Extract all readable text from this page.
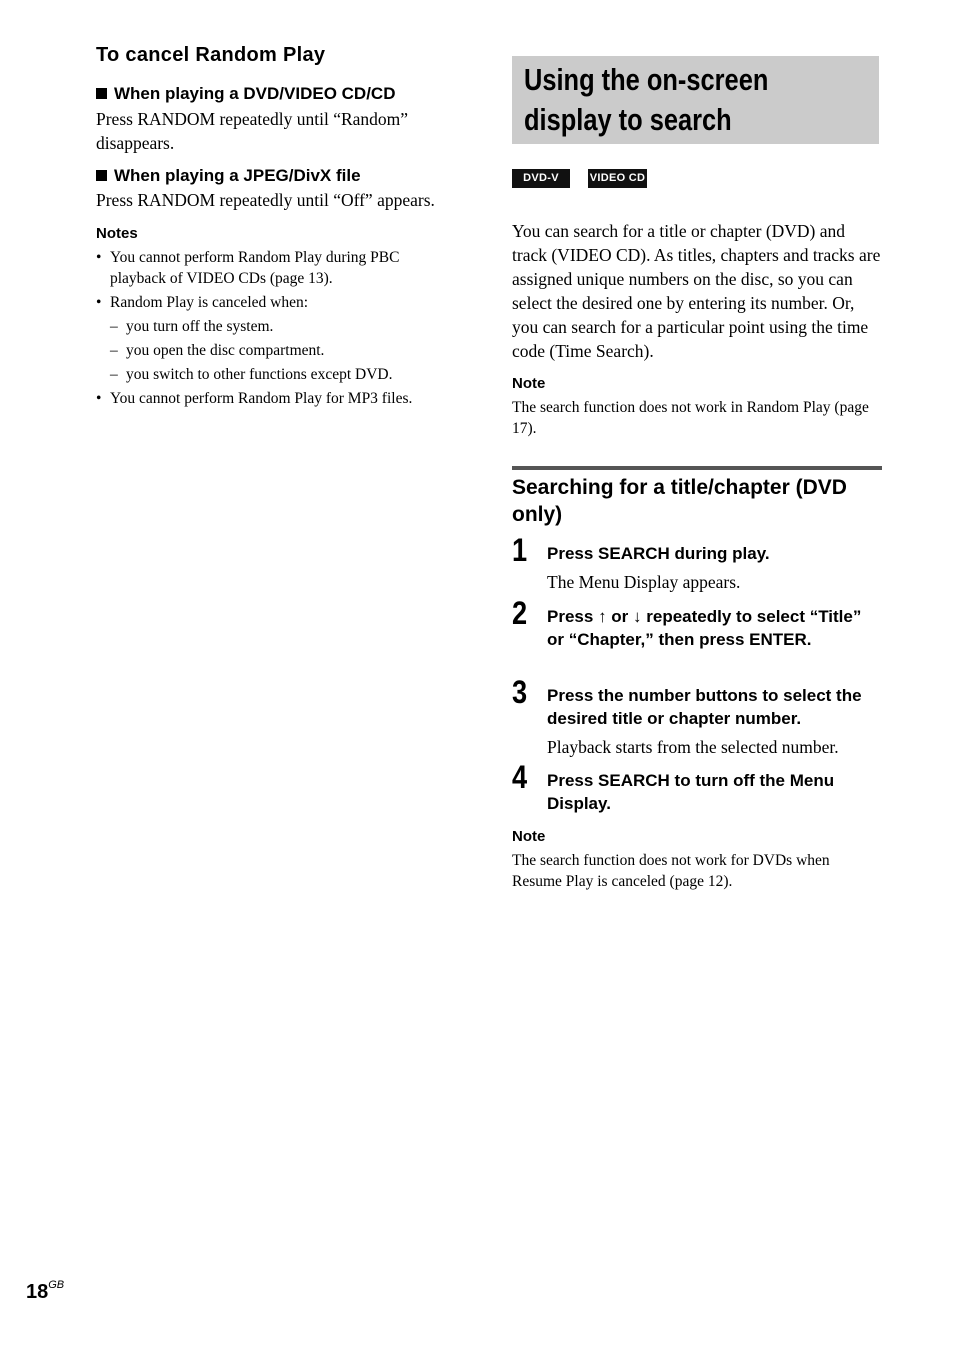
To cancel Random Play
When playing a DVD/VIDEO CD/CD
Press RANDOM repeatedly until “Random” disappears.
When playing a JPEG/DivX file
Press RANDOM repeatedly until “Off” appears.
Notes
• You cannot perform Random Play during PBC playback of VIDEO CDs (page 13).
• Random Play is canceled when:
– you turn off the system.
– you open the disc compartment.
– you switch to other functions except DVD.
• You cannot perform Random Play for MP3 files.
Using the on-screen
display to search
DVD-V	VIDEO CD
You can search for a title or chapter (DVD) and track (VIDEO CD). As titles, chapters and tracks are assigned unique numbers on the disc, so you can select the desired one by entering its number. Or, you can search for a particular point using the time code (Time Search).
Note
The search function does not work in Random Play (page 17).
Searching for a title/chapter (DVD only)
1 Press SEARCH during play.
The Menu Display appears.
2 Press ↑ or ↓ repeatedly to select “Title” or “Chapter,” then press ENTER.
3 Press the number buttons to select the desired title or chapter number.
Playback starts from the selected number.
4 Press SEARCH to turn off the Menu Display.
Note
The search function does not work for DVDs when Resume Play is canceled (page 12).
$18^{GB}$
